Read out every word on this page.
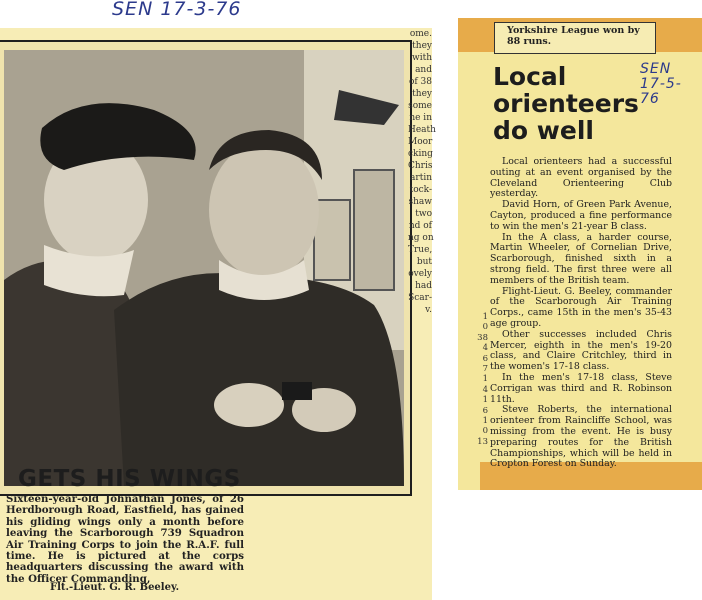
SEN 17-3-76
ome.
they
with
and
of 38
they
some
ne in
Heath
Moor
cking
Chris
artin
tock-
shaw
two
nd of
ng on
True,
but
ovely
had
Scar-
v.
GETS HIS WINGS

Sixteen-year-old Johnathan Jones, of 26 Herdborough Road, Eastfield, has gained his gliding wings only a month before leaving the Scarborough 739 Squadron Air Training Corps to join the R.A.F. full time. He is pictured at the corps headquarters discussing the award with the Officer Commanding,

Flt.-Lieut. G. R. Beeley.
SEN 17-5-76
Yorkshire League won by 88 runs.
Local orienteers do well

Local orienteers had a successful outing at an event organised by the Cleveland Orienteering Club yesterday.

David Horn, of Green Park Avenue, Cayton, produced a fine performance to win the men's 21-year B class.

In the A class, a harder course, Martin Wheeler, of Cornelian Drive, Scarborough, finished sixth in a strong field. The first three were all members of the British team.

Flight-Lieut. G. Beeley, commander of the Scarborough Air Training Corps., came 15th in the men's 35-43 age group.

Other successes included Chris Mercer, eighth in the men's 19-20 class, and Claire Critchley, third in the women's 17-18 class.

In the men's 17-18 class, Steve Corrigan was third and R. Robinson 11th.

Steve Roberts, the international orienteer from Raincliffe School, was missing from the event. He is busy preparing routes for the British Championships, which will be held in Cropton Forest on Sunday.

1
0
38
4
6
7
1
4
1
6
1
0
13
